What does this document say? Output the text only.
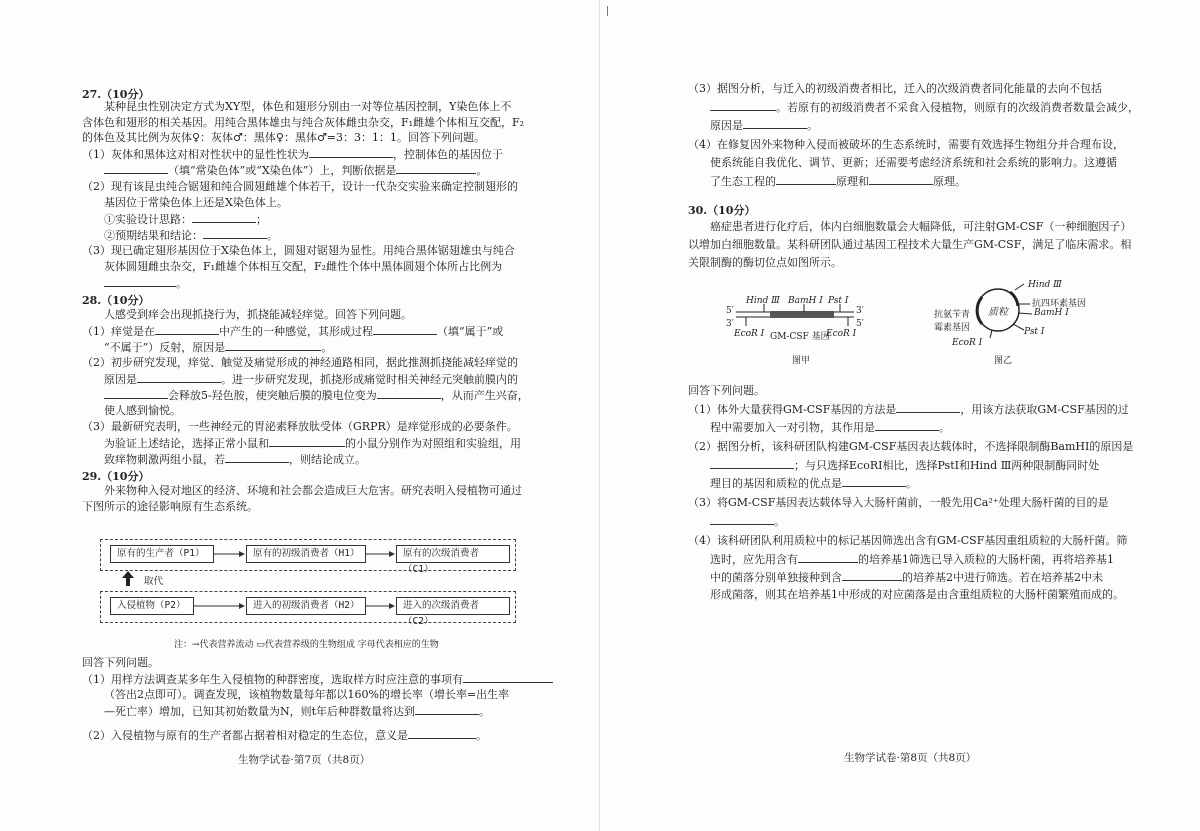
27.（10分）
某种昆虫性别决定方式为XY型，体色和翅形分别由一对等位基因控制，Y染色体上不
含体色和翅形的相关基因。用纯合黑体雄虫与纯合灰体雌虫杂交，F₁雌雄个体相互交配，F₂
的体色及其比例为灰体♀：灰体♂：黑体♀：黑体♂=3：3：1：1。回答下列问题。
（1）灰体和黑体这对相对性状中的显性性状为	，控制体色的基因位于
（填“常染色体”或“X染色体”）上，判断依据是	。
（2）现有该昆虫纯合锯翅和纯合圆翅雌雄个体若干，设计一代杂交实验来确定控制翅形的
基因位于常染色体上还是X染色体上。
①实验设计思路：	；
②预期结果和结论：	。
（3）现已确定翅形基因位于X染色体上，圆翅对锯翅为显性。用纯合黑体锯翅雄虫与纯合
灰体圆翅雌虫杂交，F₁雌雄个体相互交配，F₂雌性个体中黑体圆翅个体所占比例为
。
28.（10分）
人感受到痒会出现抓挠行为，抓挠能减轻痒觉。回答下列问题。
（1）痒觉是在	中产生的一种感觉，其形成过程	（填“属于”或
“不属于”）反射，原因是	。
（2）初步研究发现，痒觉、触觉及痛觉形成的神经通路相同，据此推测抓挠能减轻痒觉的
原因是	。进一步研究发现，抓挠形成痛觉时相关神经元突触前膜内的
会释放5-羟色胺，使突触后膜的膜电位变为	，从而产生兴奋，
使人感到愉悦。
（3）最新研究表明，一些神经元的胃泌素释放肽受体（GRPR）是痒觉形成的必要条件。
为验证上述结论，选择正常小鼠和	的小鼠分别作为对照组和实验组，用
致痒物刺激两组小鼠，若	，则结论成立。
29.（10分）
外来物种入侵对地区的经济、环境和社会都会造成巨大危害。研究表明入侵植物可通过
下图所示的途径影响原有生态系统。
原有的生产者（P1）	原有的初级消费者（H1）	原有的次级消费者（C1）
入侵植物（P2）	进入的初级消费者（H2）	进入的次级消费者（C2）
取代
注：→代表营养流动 ▭代表营养级的生物组成 字母代表相应的生物
回答下列问题。
（1）用样方法调查某多年生入侵植物的种群密度，选取样方时应注意的事项有
（答出2点即可）。调查发现，该植物数量每年都以160%的增长率（增长率=出生率
—死亡率）增加，已知其初始数量为N，则t年后种群数量将达到	。
（2）入侵植物与原有的生产者都占据着相对稳定的生态位，意义是	。
生物学试卷·第7页（共8页）
（3）据图分析，与迁入的初级消费者相比，迁入的次级消费者同化能量的去向不包括
。若原有的初级消费者不采食入侵植物，则原有的次级消费者数量会减少，
原因是	。
（4）在修复因外来物种入侵而被破坏的生态系统时，需要有效选择生物组分并合理布设，
使系统能自我优化、调节、更新；还需要考虑经济系统和社会系统的影响力。这遵循
了生态工程的	原理和	原理。
30.（10分）
癌症患者进行化疗后，体内白细胞数量会大幅降低，可注射GM-CSF（一种细胞因子）
以增加白细胞数量。某科研团队通过基因工程技术大量生产GM-CSF，满足了临床需求。相
关限制酶的酶切位点如图所示。
Hind Ⅲ BamH Ⅰ Pst Ⅰ
5′
3′
3′
5′
EcoR Ⅰ GM-CSF 基因
EcoR Ⅰ
图甲
质粒
Hind Ⅲ
抗四环素基因
BamH Ⅰ
Pst Ⅰ
抗氨苄青
霉素基因
EcoR Ⅰ
图乙
回答下列问题。
（1）体外大量获得GM-CSF基因的方法是	，用该方法获取GM-CSF基因的过
程中需要加入一对引物，其作用是	。
（2）据图分析，该科研团队构建GM-CSF基因表达载体时，不选择限制酶BamHⅠ的原因是
；与只选择EcoRⅠ相比，选择PstⅠ和Hind Ⅲ两种限制酶同时处
理目的基因和质粒的优点是	。
（3）将GM-CSF基因表达载体导入大肠杆菌前，一般先用Ca²⁺处理大肠杆菌的目的是
。
（4）该科研团队利用质粒中的标记基因筛选出含有GM-CSF基因重组质粒的大肠杆菌。筛
选时，应先用含有	的培养基1筛选已导入质粒的大肠杆菌，再将培养基1
中的菌落分别单独接种到含	的培养基2中进行筛选。若在培养基2中未
形成菌落，则其在培养基1中形成的对应菌落是由含重组质粒的大肠杆菌繁殖而成的。
生物学试卷·第8页（共8页）
